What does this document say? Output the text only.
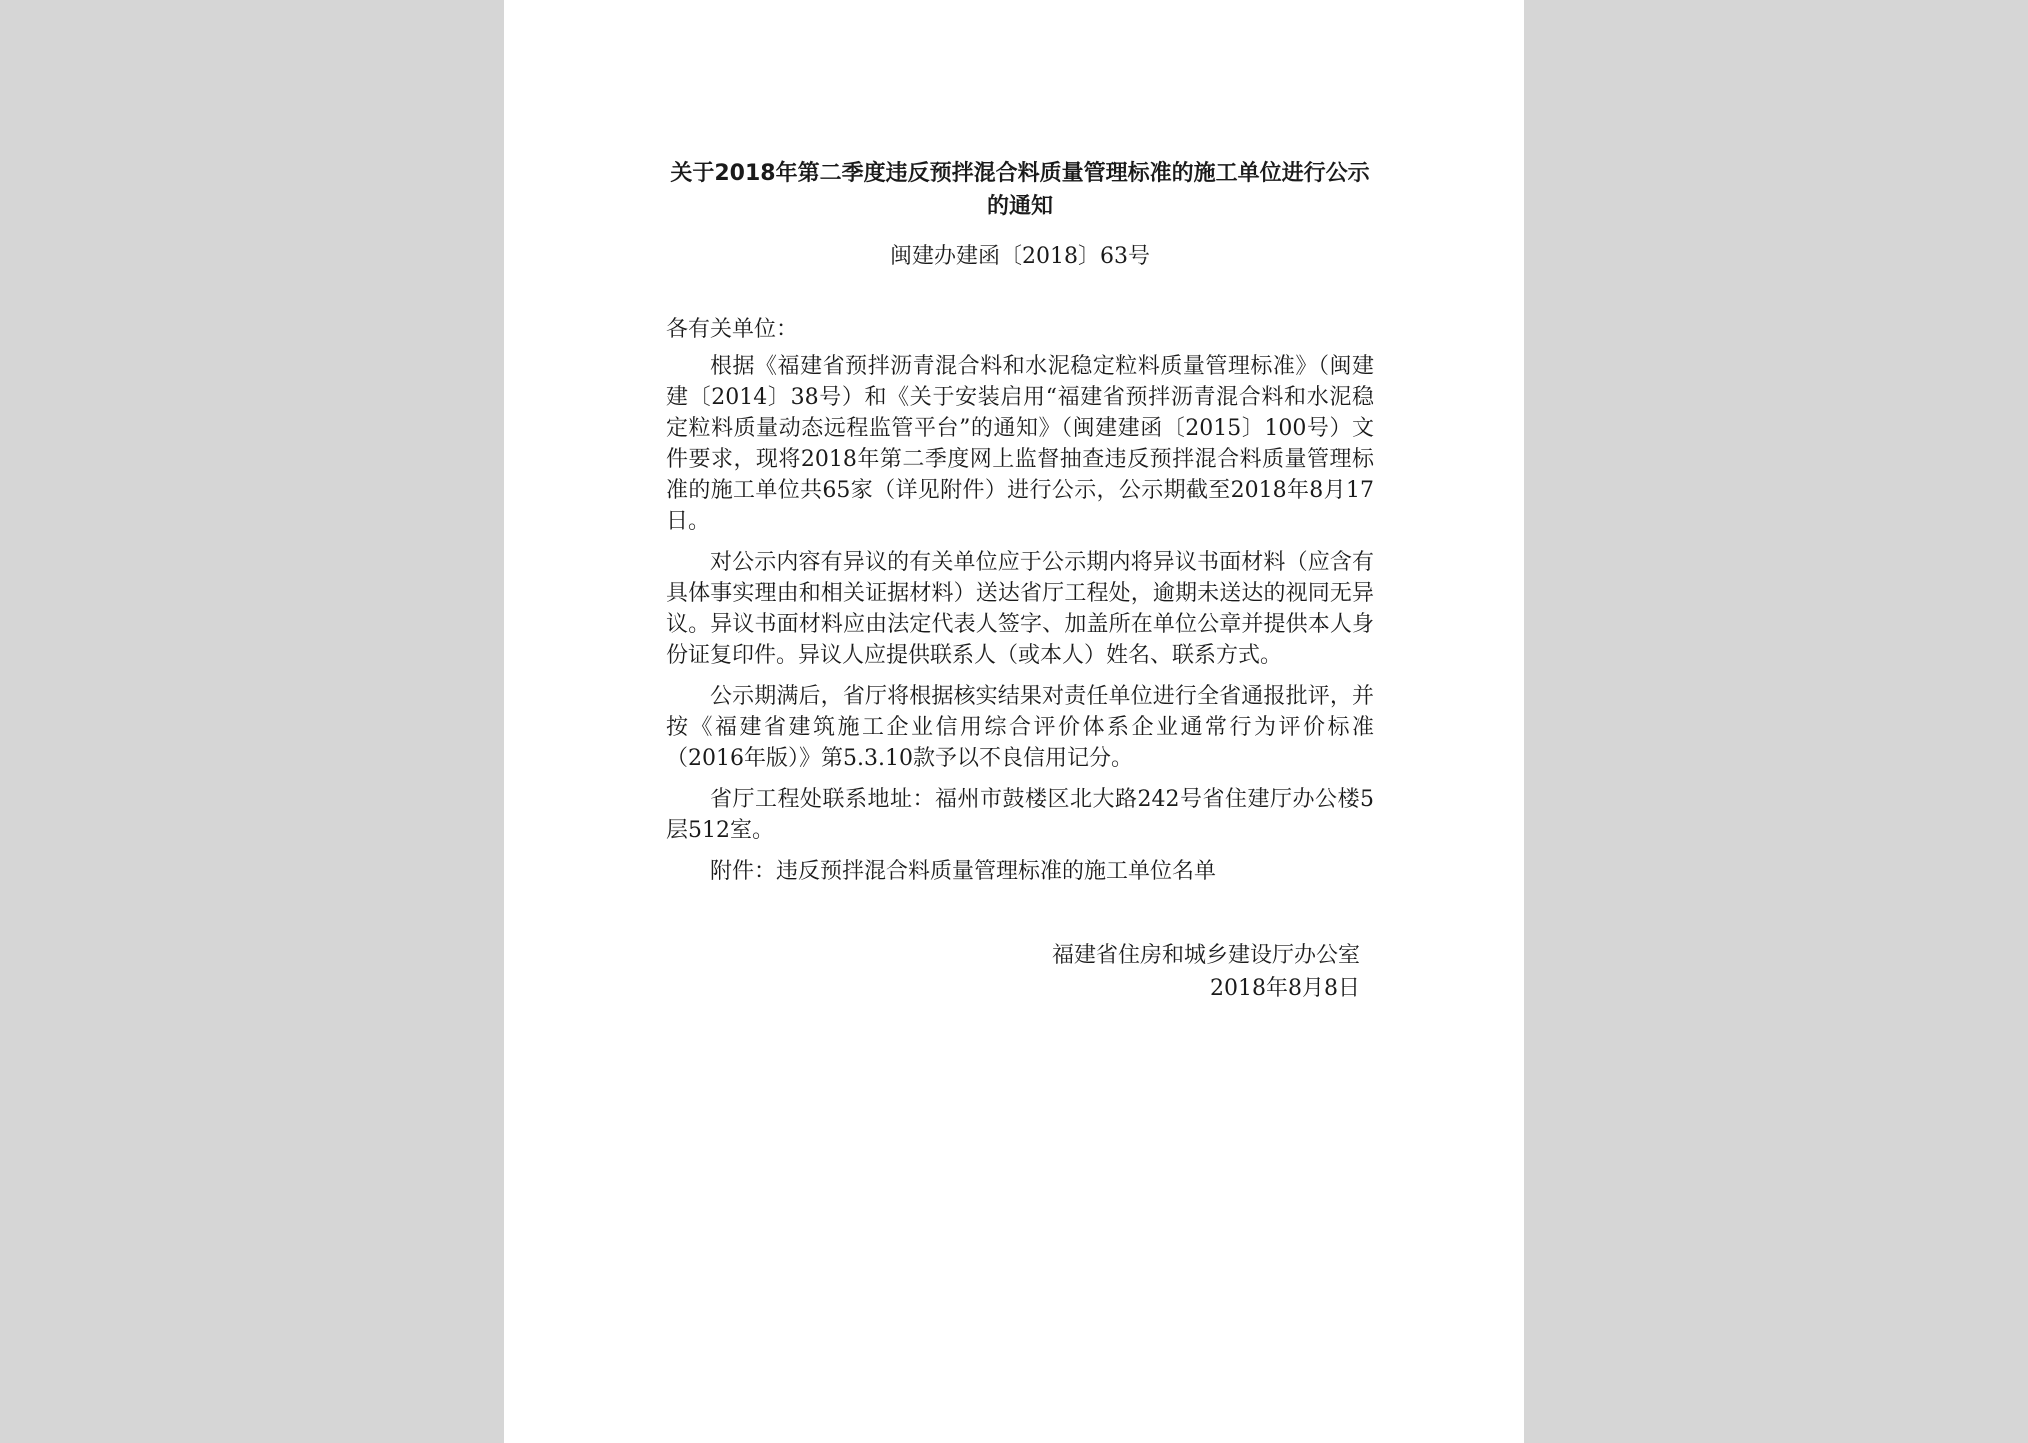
关于2018年第二季度违反预拌混合料质量管理标准的施工单位进行公示的通知
闽建办建函〔2018〕63号
各有关单位：

根据《福建省预拌沥青混合料和水泥稳定粒料质量管理标准》（闽建建〔2014〕38号）和《关于安装启用“福建省预拌沥青混合料和水泥稳定粒料质量动态远程监管平台”的通知》（闽建建函〔2015〕100号）文件要求，现将2018年第二季度网上监督抽查违反预拌混合料质量管理标准的施工单位共65家（详见附件）进行公示，公示期截至2018年8月17日。

对公示内容有异议的有关单位应于公示期内将异议书面材料（应含有具体事实理由和相关证据材料）送达省厅工程处，逾期未送达的视同无异议。异议书面材料应由法定代表人签字、加盖所在单位公章并提供本人身份证复印件。异议人应提供联系人（或本人）姓名、联系方式。

公示期满后，省厅将根据核实结果对责任单位进行全省通报批评，并按《福建省建筑施工企业信用综合评价体系企业通常行为评价标准（2016年版）》第5.3.10款予以不良信用记分。

省厅工程处联系地址：福州市鼓楼区北大路242号省住建厅办公楼5层512室。

附件：违反预拌混合料质量管理标准的施工单位名单

福建省住房和城乡建设厅办公室
2018年8月8日
